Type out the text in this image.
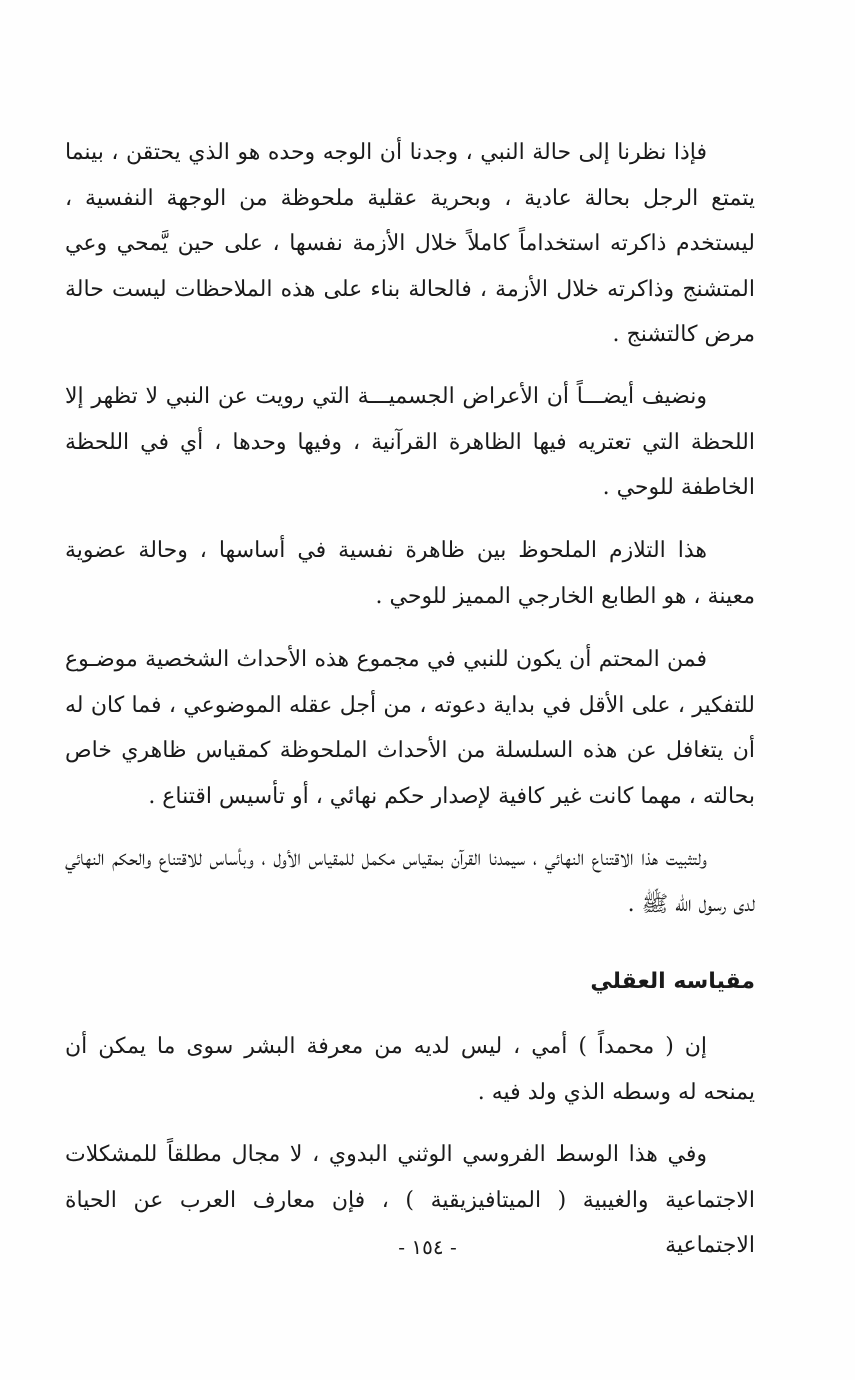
فإذا نظرنا إلى حالة النبي ، وجدنا أن الوجه وحده هو الذي يحتقن ، بينما يتمتع الرجل بحالة عادية ، وبحرية عقلية ملحوظة من الوجهة النفسية ، ليستخدم ذاكرته استخداماً كاملاً خلال الأزمة نفسها ، على حين يَّمحي وعي المتشنج وذاكرته خلال الأزمة ، فالحالة بناء على هذه الملاحظات ليست حالة مرض كالتشنج .

ونضيف أيضـــاً أن الأعراض الجسميـــة التي رويت عن النبي لا تظهر إلا اللحظة التي تعتريه فيها الظاهرة القرآنية ، وفيها وحدها ، أي في اللحظة الخاطفة للوحي .

هذا التلازم الملحوظ بين ظاهرة نفسية في أساسها ، وحالة عضوية معينة ، هو الطابع الخارجي المميز للوحي .

فمن المحتم أن يكون للنبي في مجموع هذه الأحداث الشخصية موضـوع للتفكير ، على الأقل في بداية دعوته ، من أجل عقله الموضوعي ، فما كان له أن يتغافل عن هذه السلسلة من الأحداث الملحوظة كمقياس ظاهري خاص بحالته ، مهما كانت غير كافية لإصدار حكم نهائي ، أو تأسيس اقتناع .

ولتثبيت هذا الاقتناع النهائي ، سيمدنا القرآن بمقياس مكمل للمقياس الأول ، وبأساس للاقتناع والحكم النهائي لدى رسول الله ﷺ .

مقياسه العقلي

إن ( محمداً ) أمي ، ليس لديه من معرفة البشر سوى ما يمكن أن يمنحه له وسطه الذي ولد فيه .

وفي هذا الوسط الفروسي الوثني البدوي ، لا مجال مطلقاً للمشكلات الاجتماعية والغيبية ( الميتافيزيقية ) ، فإن معارف العرب عن الحياة الاجتماعية

- ١٥٤ -
